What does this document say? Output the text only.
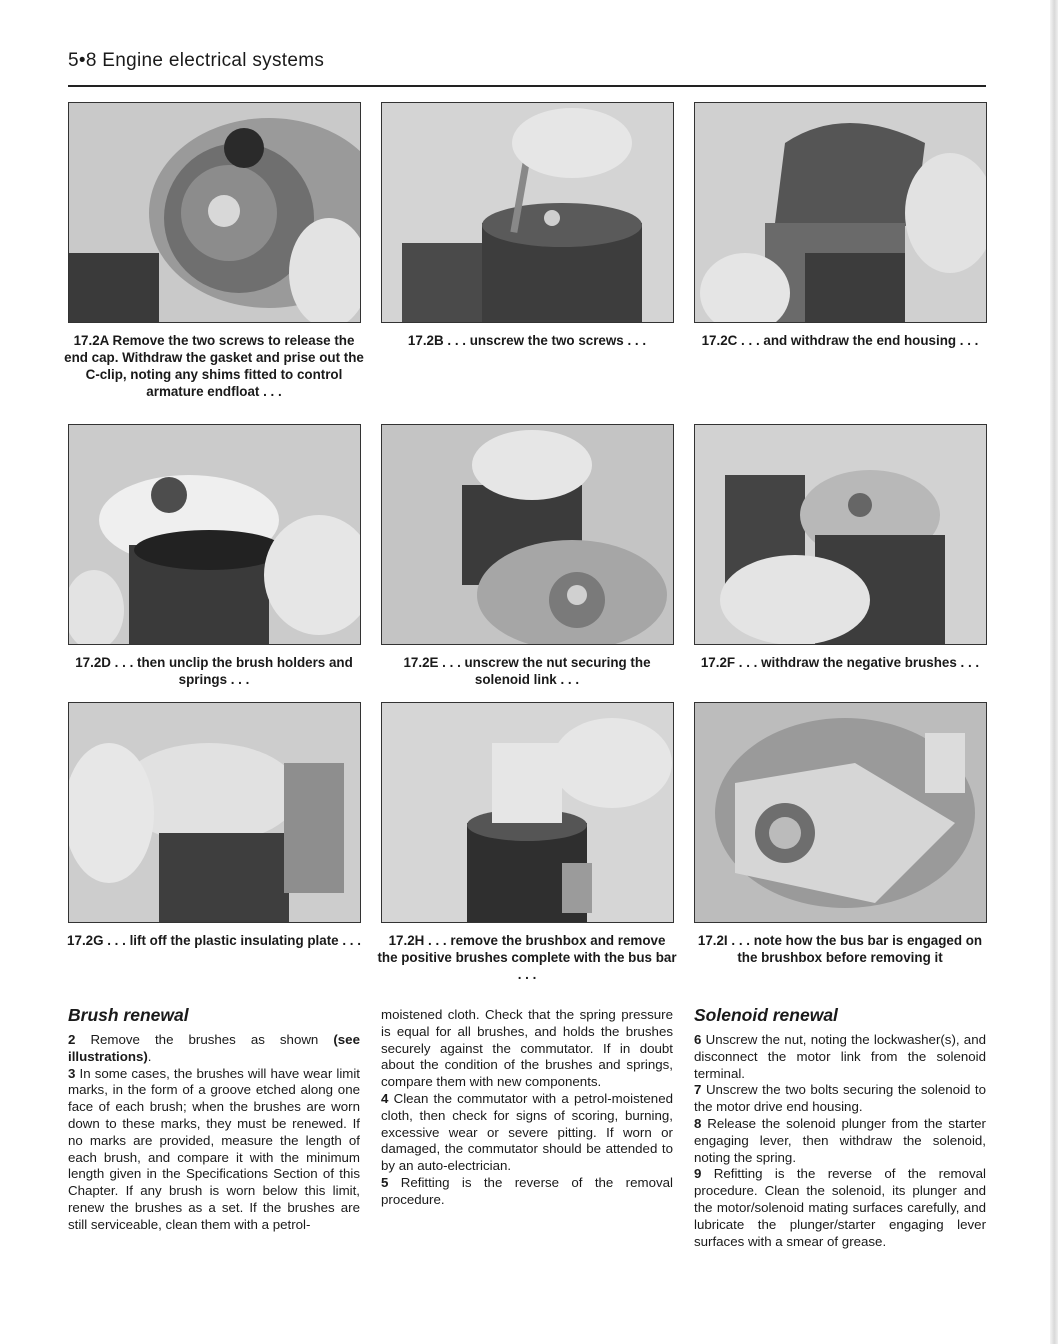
5•8 Engine electrical systems
17.2A Remove the two screws to release the end cap. Withdraw the gasket and prise out the C-clip, noting any shims fitted to control armature endfloat . . .
17.2B . . . unscrew the two screws . . .	17.2C . . . and withdraw the end housing . . .
17.2D . . . then unclip the brush holders and springs . . .
17.2E . . . unscrew the nut securing the solenoid link . . .
17.2F . . . withdraw the negative brushes . . .
17.2G . . . lift off the plastic insulating plate . . .	17.2H . . . remove the brushbox and remove the positive brushes complete with the bus bar . . .
17.2I . . . note how the bus bar is engaged on the brushbox before removing it
Brush renewal

2 Remove the brushes as shown (see illustrations).

3 In some cases, the brushes will have wear limit marks, in the form of a groove etched along one face of each brush; when the brushes are worn down to these marks, they must be renewed. If no marks are provided, measure the length of each brush, and compare it with the minimum length given in the Specifications Section of this Chapter. If any brush is worn below this limit, renew the brushes as a set. If the brushes are still serviceable, clean them with a petrol-

moistened cloth. Check that the spring pressure is equal for all brushes, and holds the brushes securely against the commutator. If in doubt about the condition of the brushes and springs, compare them with new components.

4 Clean the commutator with a petrol-moistened cloth, then check for signs of scoring, burning, excessive wear or severe pitting. If worn or damaged, the commutator should be attended to by an auto-electrician.

5 Refitting is the reverse of the removal procedure.

Solenoid renewal

6 Unscrew the nut, noting the lockwasher(s), and disconnect the motor link from the solenoid terminal.

7 Unscrew the two bolts securing the solenoid to the motor drive end housing.

8 Release the solenoid plunger from the starter engaging lever, then withdraw the solenoid, noting the spring.

9 Refitting is the reverse of the removal procedure. Clean the solenoid, its plunger and the motor/solenoid mating surfaces carefully, and lubricate the plunger/starter engaging lever surfaces with a smear of grease.
